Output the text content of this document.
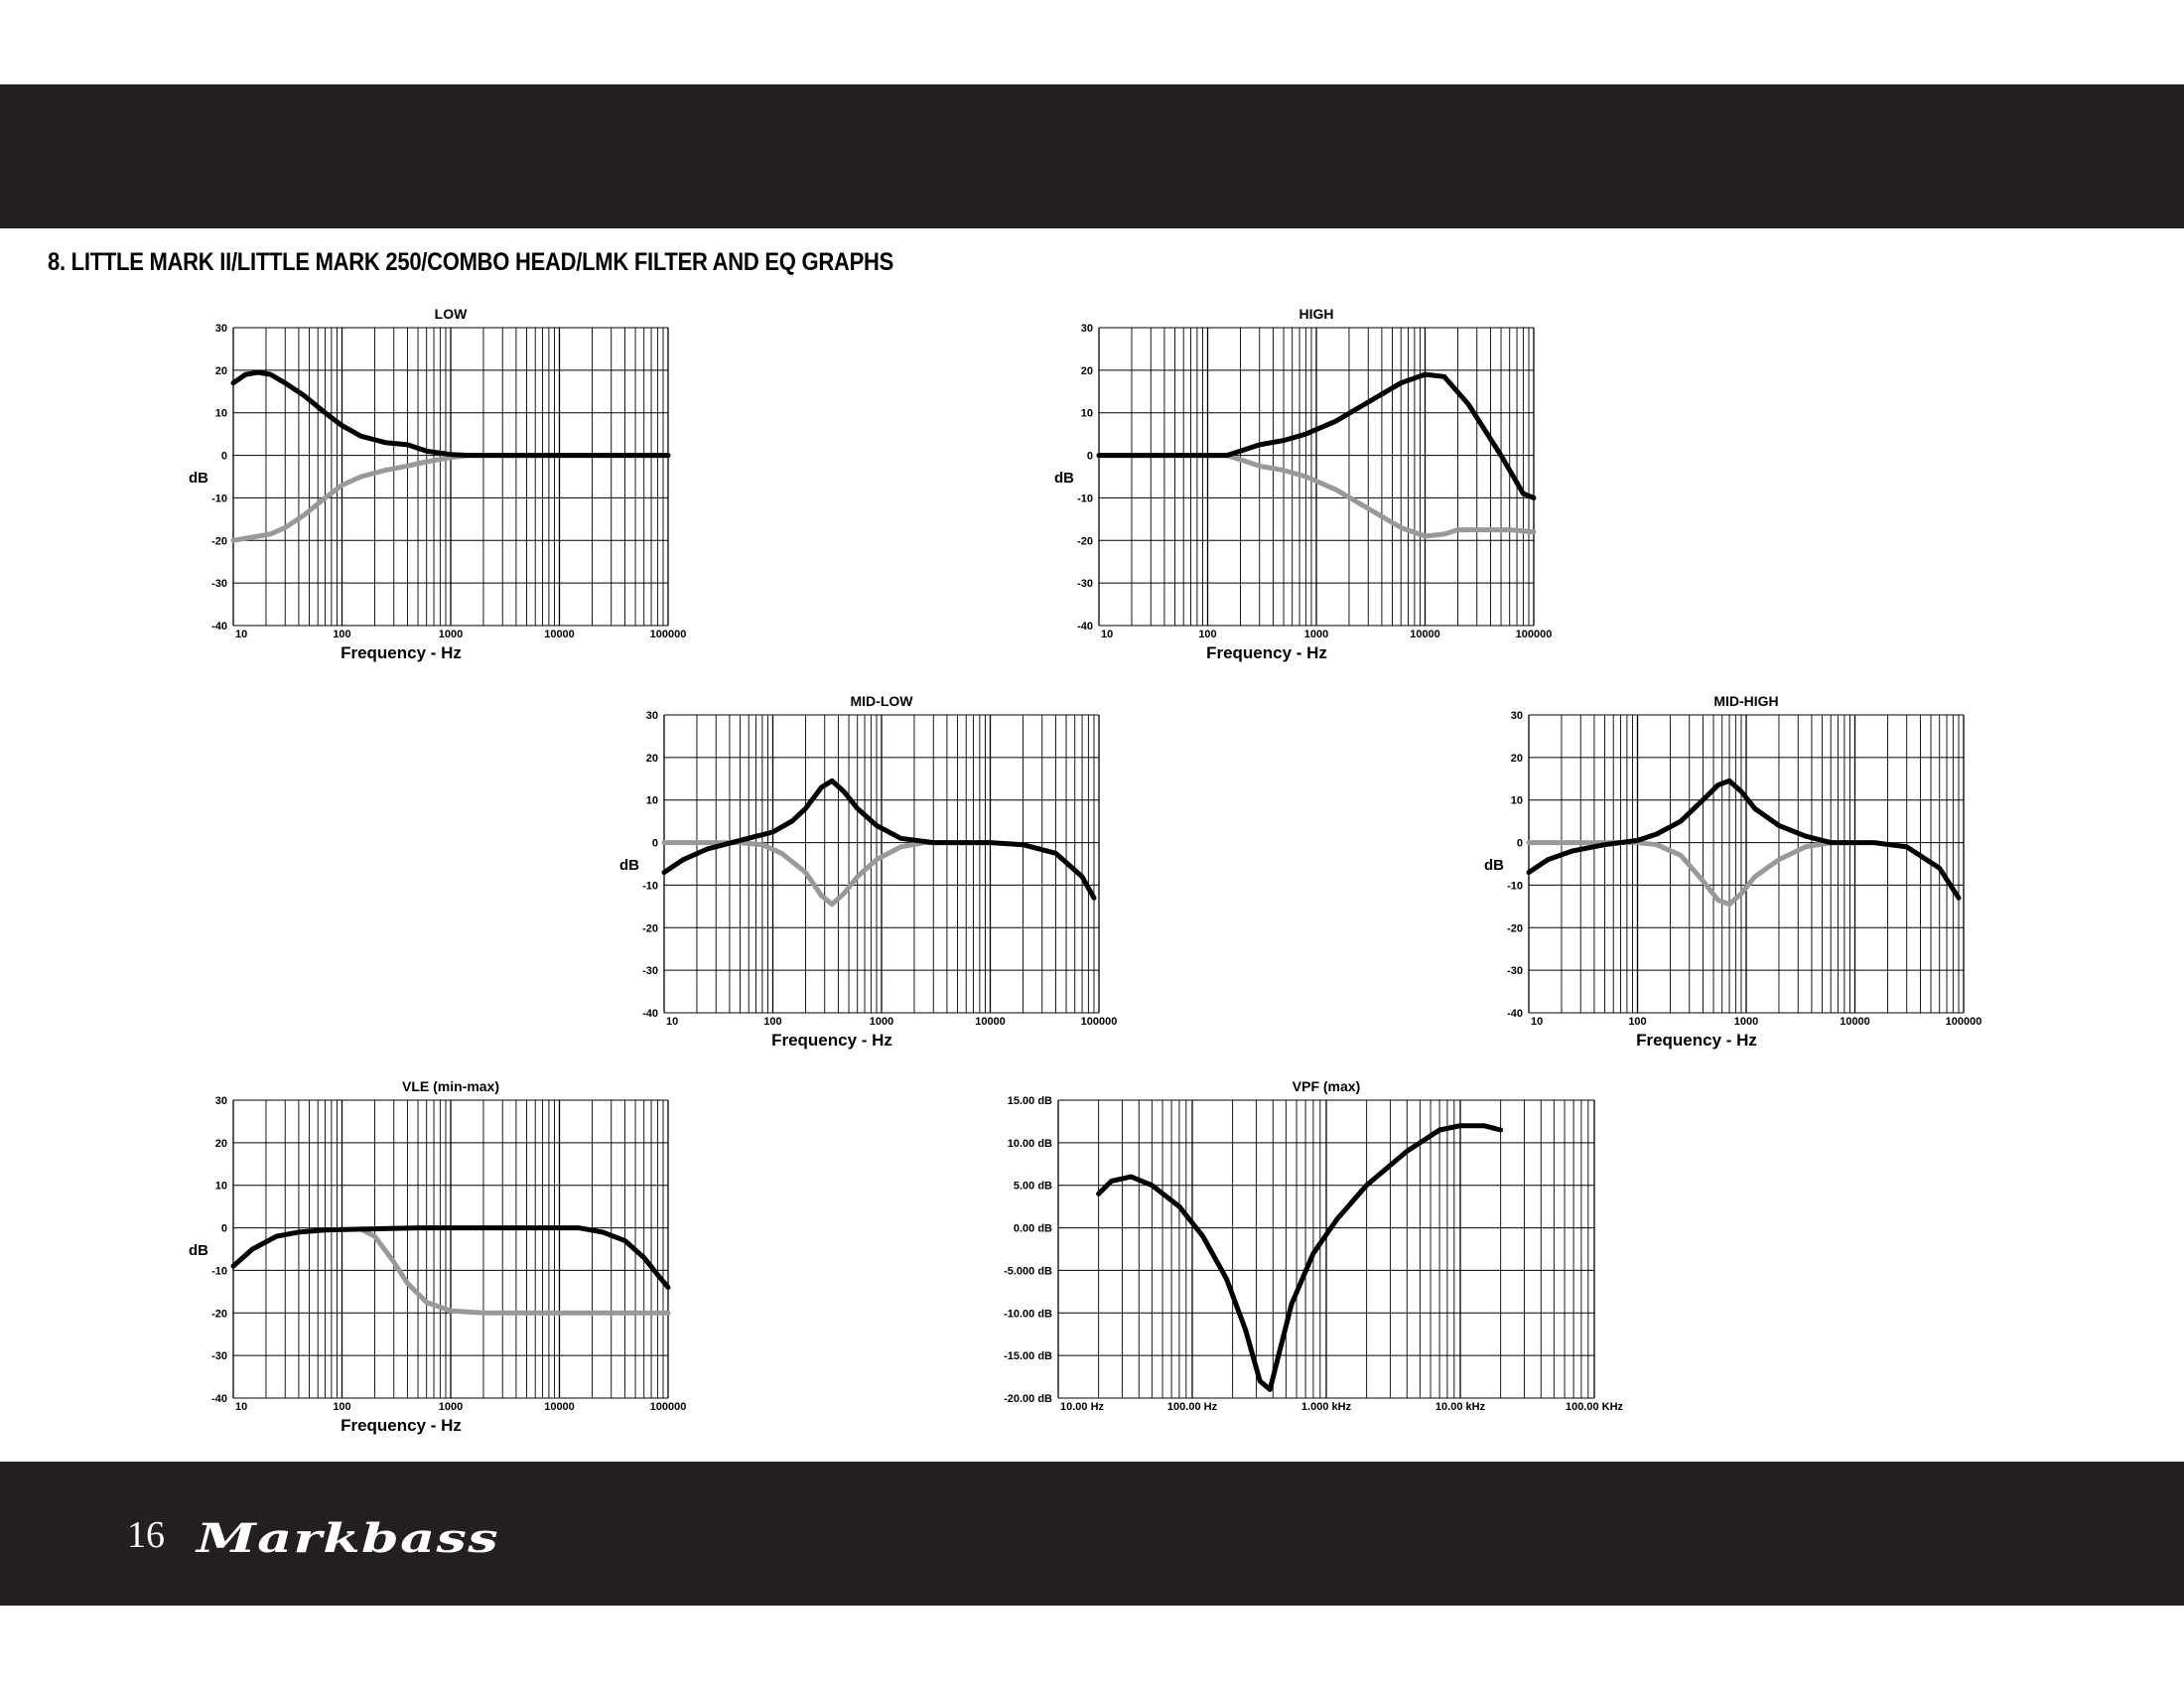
8. LITTLE MARK II/LITTLE MARK 250/COMBO HEAD/LMK FILTER AND EQ GRAPHS
LOW
30
20
10
0
-10
-20
-30
-40
10	100	1000	10000	100000
Frequency - Hz
dB
HIGH
30
20
10
0
-10
-20
-30
-40
10	100	1000	10000	100000
Frequency - Hz
dB
MID-LOW
30
20
10
0
-10
-20
-30
-40
10	100	1000	10000	100000
Frequency - Hz
dB
MID-HIGH
30
20
10
0
-10
-20
-30
-40
10	100	1000	10000	100000
Frequency - Hz
dB
VLE (min-max)
30
20
10
0
-10
-20
-30
-40
10	100	1000	10000	100000
Frequency - Hz
dB
VPF (max)
15.00 dB
10.00 dB
5.00 dB
0.00 dB
-5.000 dB
-10.00 dB
-15.00 dB
-20.00 dB
10.00 Hz	100.00 Hz	1.000 kHz	10.00 kHz	100.00 KHz
16 Markbass
